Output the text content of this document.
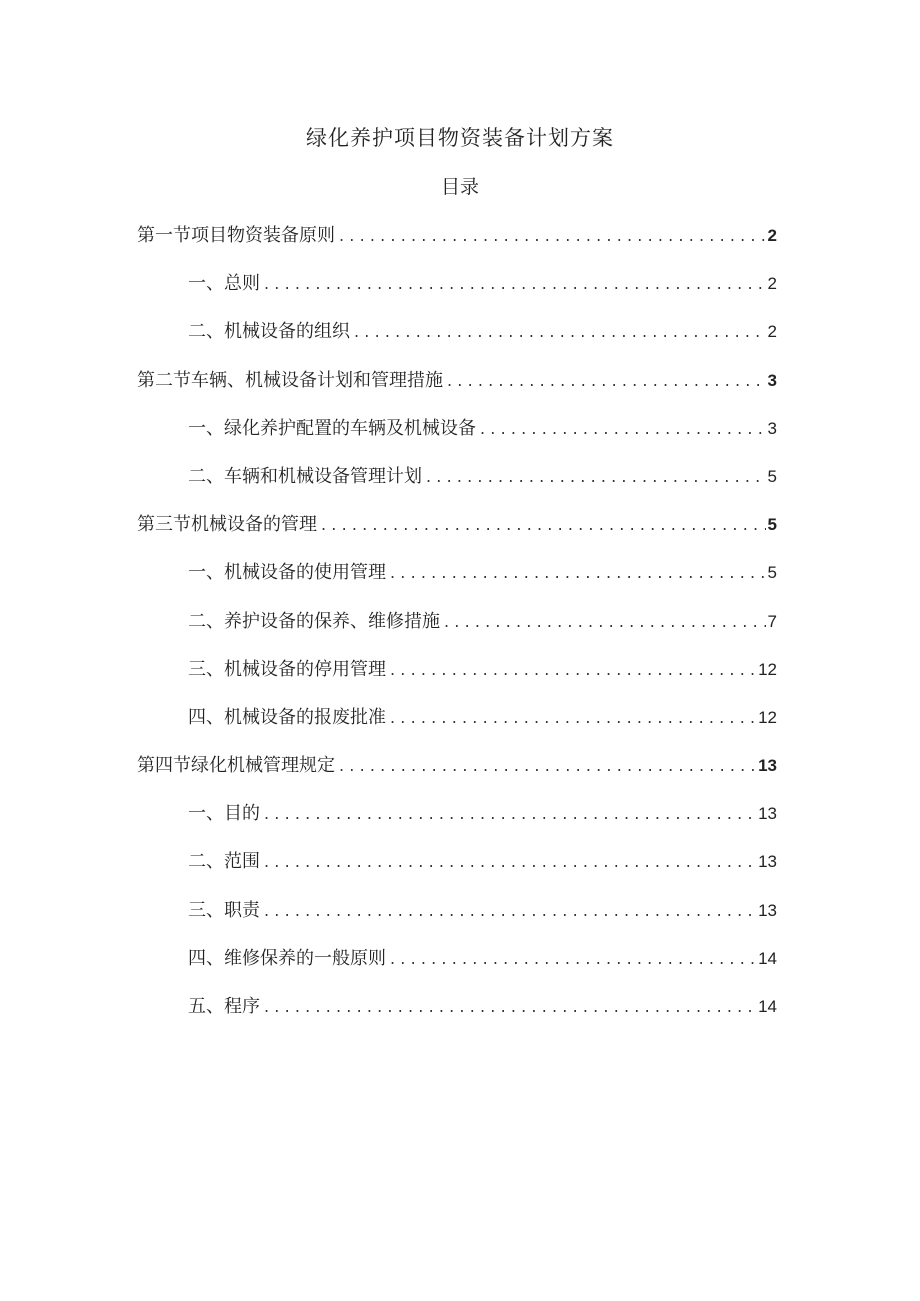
绿化养护项目物资装备计划方案
目录
第一节项目物资装备原则 .....	2
一、总则 .....	2
二、机械设备的组织 .....	2
第二节车辆、机械设备计划和管理措施 .....	3
一、绿化养护配置的车辆及机械设备 .....	3
二、车辆和机械设备管理计划 .....	5
第三节机械设备的管理 .....	5
一、机械设备的使用管理 .....	5
二、养护设备的保养、维修措施 .....	7
三、机械设备的停用管理 .....	12
四、机械设备的报废批准 .....	12
第四节绿化机械管理规定 .....	13
一、目的 .....	13
二、范围 .....	13
三、职责 .....	13
四、维修保养的一般原则 .....	14
五、程序 .....	14
